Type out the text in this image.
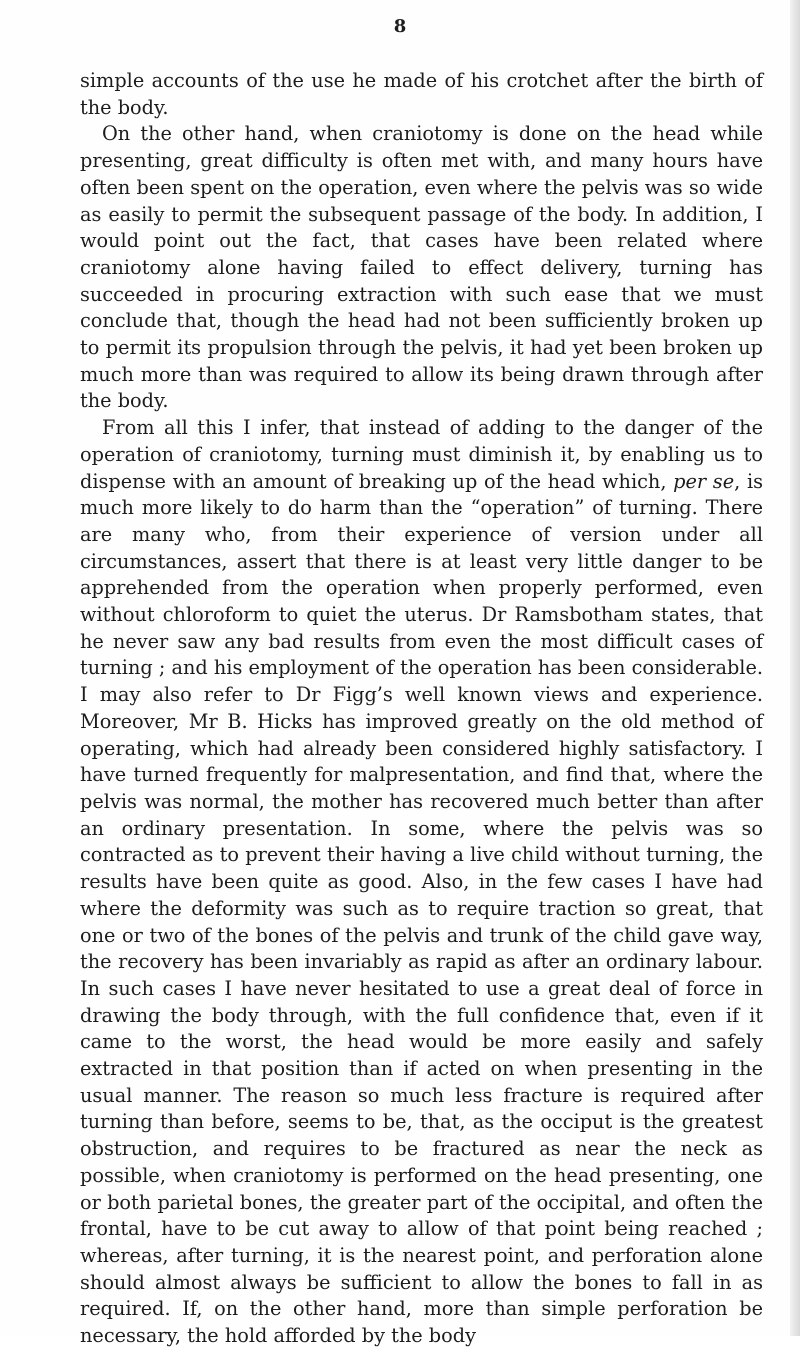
8

simple accounts of the use he made of his crotchet after the birth of the body.

On the other hand, when craniotomy is done on the head while presenting, great difficulty is often met with, and many hours have often been spent on the operation, even where the pelvis was so wide as easily to permit the subsequent passage of the body. In addition, I would point out the fact, that cases have been related where craniotomy alone having failed to effect delivery, turning has succeeded in procuring extraction with such ease that we must conclude that, though the head had not been sufficiently broken up to permit its propulsion through the pelvis, it had yet been broken up much more than was required to allow its being drawn through after the body.

From all this I infer, that instead of adding to the danger of the operation of craniotomy, turning must diminish it, by enabling us to dispense with an amount of breaking up of the head which, per se, is much more likely to do harm than the “operation” of turning. There are many who, from their experience of version under all circumstances, assert that there is at least very little danger to be apprehended from the operation when properly performed, even without chloroform to quiet the uterus. Dr Ramsbotham states, that he never saw any bad results from even the most difficult cases of turning ; and his employment of the operation has been considerable. I may also refer to Dr Figg’s well known views and experience. Moreover, Mr B. Hicks has improved greatly on the old method of operating, which had already been considered highly satisfactory. I have turned frequently for malpresentation, and find that, where the pelvis was normal, the mother has recovered much better than after an ordinary presentation. In some, where the pelvis was so contracted as to prevent their having a live child without turning, the results have been quite as good. Also, in the few cases I have had where the deformity was such as to require traction so great, that one or two of the bones of the pelvis and trunk of the child gave way, the recovery has been invariably as rapid as after an ordinary labour. In such cases I have never hesitated to use a great deal of force in drawing the body through, with the full confidence that, even if it came to the worst, the head would be more easily and safely extracted in that position than if acted on when presenting in the usual manner. The reason so much less fracture is required after turning than before, seems to be, that, as the occiput is the greatest obstruction, and requires to be fractured as near the neck as possible, when craniotomy is performed on the head presenting, one or both parietal bones, the greater part of the occipital, and often the frontal, have to be cut away to allow of that point being reached ; whereas, after turning, it is the nearest point, and perforation alone should almost always be sufficient to allow the bones to fall in as required. If, on the other hand, more than simple perforation be necessary, the hold afforded by the body
